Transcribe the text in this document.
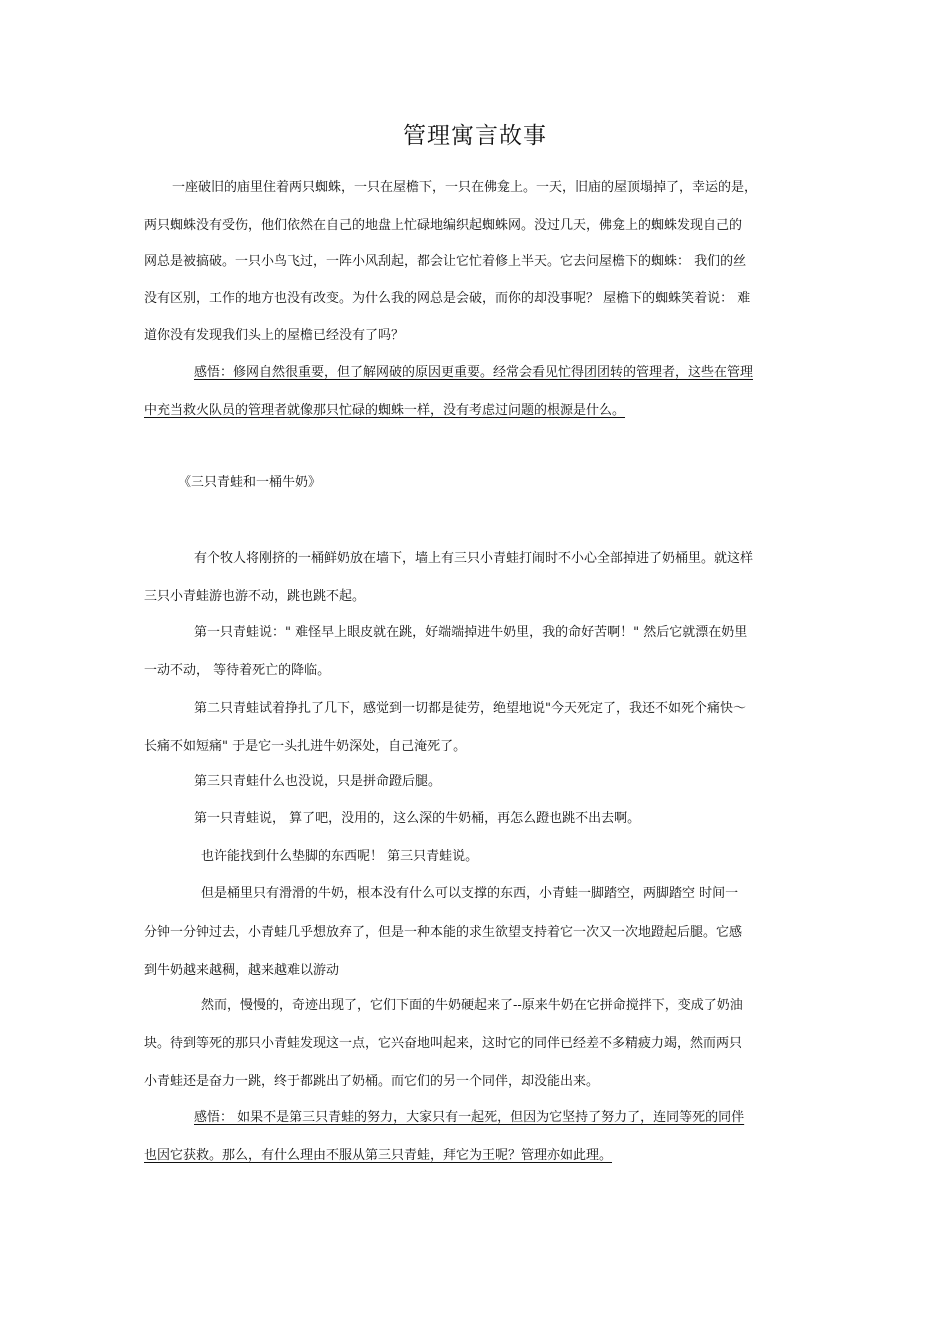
管理寓言故事
一座破旧的庙里住着两只蜘蛛，一只在屋檐下，一只在佛龛上。一天，旧庙的屋顶塌掉了，幸运的是，
两只蜘蛛没有受伤，他们依然在自己的地盘上忙碌地编织起蜘蛛网。没过几天，佛龛上的蜘蛛发现自己的
网总是被搞破。一只小鸟飞过，一阵小风刮起，都会让它忙着修上半天。它去问屋檐下的蜘蛛： 我们的丝
没有区别，工作的地方也没有改变。为什么我的网总是会破，而你的却没事呢？ 屋檐下的蜘蛛笑着说： 难
道你没有发现我们头上的屋檐已经没有了吗？
感悟：修网自然很重要，但了解网破的原因更重要。经常会看见忙得团团转的管理者，这些在管理
中充当救火队员的管理者就像那只忙碌的蜘蛛一样，没有考虑过问题的根源是什么。
《三只青蛙和一桶牛奶》
有个牧人将刚挤的一桶鲜奶放在墙下，墙上有三只小青蛙打闹时不小心全部掉进了奶桶里。就这样
三只小青蛙游也游不动，跳也跳不起。
第一只青蛙说：" 难怪早上眼皮就在跳，好端端掉进牛奶里，我的命好苦啊！" 然后它就漂在奶里
一动不动， 等待着死亡的降临。
第二只青蛙试着挣扎了几下，感觉到一切都是徒劳，绝望地说"今天死定了，我还不如死个痛快～
长痛不如短痛" 于是它一头扎进牛奶深处，自己淹死了。
第三只青蛙什么也没说，只是拼命蹬后腿。
第一只青蛙说， 算了吧，没用的，这么深的牛奶桶，再怎么蹬也跳不出去啊。
也许能找到什么垫脚的东西呢！ 第三只青蛙说。
但是桶里只有滑滑的牛奶，根本没有什么可以支撑的东西，小青蛙一脚踏空，两脚踏空 时间一
分钟一分钟过去，小青蛙几乎想放弃了，但是一种本能的求生欲望支持着它一次又一次地蹬起后腿。它感
到牛奶越来越稠，越来越难以游动
然而，慢慢的，奇迹出现了，它们下面的牛奶硬起来了--原来牛奶在它拼命搅拌下，变成了奶油
块。待到等死的那只小青蛙发现这一点，它兴奋地叫起来，这时它的同伴已经差不多精疲力竭，然而两只
小青蛙还是奋力一跳，终于都跳出了奶桶。而它们的另一个同伴，却没能出来。
感悟： 如果不是第三只青蛙的努力，大家只有一起死，但因为它坚持了努力了，连同等死的同伴
也因它获救。那么，有什么理由不服从第三只青蛙，拜它为王呢？管理亦如此理。
